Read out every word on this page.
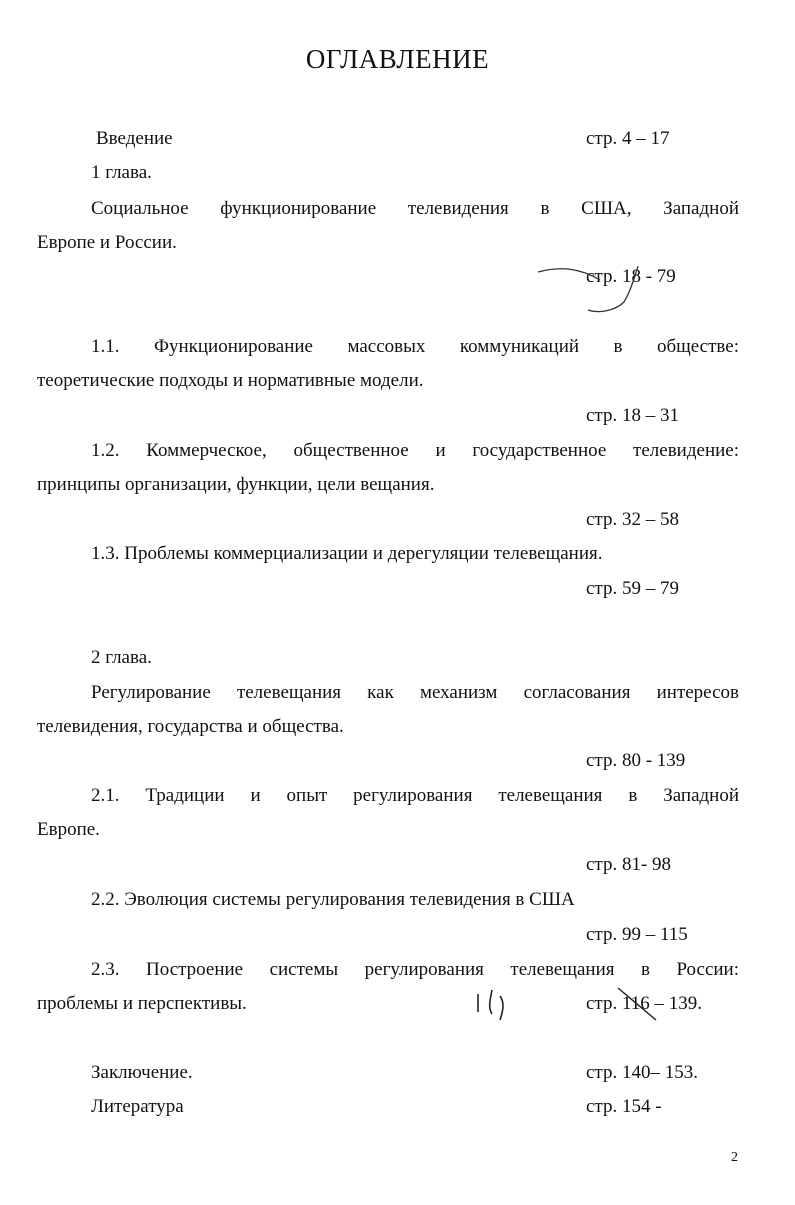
ОГЛАВЛЕНИЕ
Введение	стр. 4 – 17
1 глава.
Социальное функционирование телевидения в США, Западной
Европе и России.
стр. 18 - 79
1.1. Функционирование массовых коммуникаций в обществе:
теоретические подходы и нормативные модели.
стр. 18 – 31
1.2. Коммерческое, общественное и государственное телевидение:
принципы организации, функции, цели вещания.
стр. 32 – 58
1.3. Проблемы коммерциализации и дерегуляции телевещания.
стр. 59 – 79
2 глава.
Регулирование телевещания как механизм согласования интересов
телевидения, государства и общества.
стр. 80 - 139
2.1. Традиции и опыт регулирования телевещания в Западной
Европе.
стр. 81- 98
2.2. Эволюция системы регулирования телевидения в США
стр. 99 – 115
2.3. Построение системы регулирования телевещания в России:
проблемы и перспективы.	стр. 116 – 139.
Заключение.	стр. 140– 153.
Литература	стр. 154 -
2
